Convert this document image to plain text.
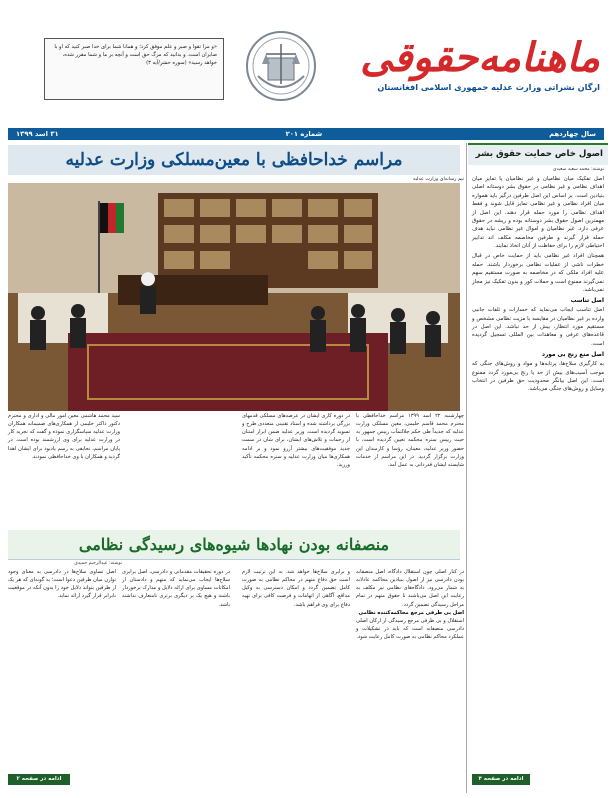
«و مرا تقوا و صبر و علم موفق کرد؛ و همانا شما برای خدا صبر کنید که او با صابران است. و بدانید که مرگ حق است و آنچه بر ما و شما مقرر شده، خواهد رسید» (سوره حشر/آیه ۳)	ماهنامه‌حقوقی
ارگان نشراتی وزارت عدلیه جمهوری اسلامی افغانستان
سال چهاردهم
شماره ۲۰۱
۳۱ اسد ۱۳۹۹
اصول خاص حمایت حقوق بشر
نوشته: محمد سعید سعیدی
اصل تفکیک میان نظامیان و غیر نظامیان یا تمایز میان اهداف نظامی و غیر نظامی در حقوق بشر دوستانه اصلی بنیادین است. بر اساس این اصل طرفین درگیر باید همواره میان افراد نظامی و غیر نظامی تمایز قایل شوند و فقط اهداف نظامی را مورد حمله قرار دهند. این اصل از مهمترین اصول حقوق بشر دوستانه بوده و ریشه در حقوق عرفی دارد. غیر نظامیان و اموال غیر نظامی نباید هدف حمله قرار گیرند و طرفین مخاصمه مکلف اند تدابیر احتیاطی لازم را برای حفاظت از آنان اتخاذ نمایند.
همچنان افراد غیر نظامی باید از حمایت خاص در قبال خطرات ناشی از عملیات نظامی برخوردار باشند. حمله علیه افراد ملکی که در مخاصمه به صورت مستقیم سهم نمی‌گیرند ممنوع است و حملات کور و بدون تفکیک نیز مجاز نمی‌باشد.
اصل تناسب
اصل تناسب ایجاب می‌نماید که خسارات و تلفات جانبی وارده بر غیر نظامیان در مقایسه با مزیت نظامی مشخص و مستقیم مورد انتظار، بیش از حد نباشد. این اصل در قاعده‌های عرفی و معاهدات بین المللی تسجیل گردیده است.
اصل منع رنج بی مورد
به کارگیری سلاح‌ها، پرتابه‌ها و مواد و روش‌های جنگی که موجب آسیب‌های بیش از حد یا رنج بی‌مورد گردد ممنوع است. این اصل بیانگر محدودیت حق طرفین در انتخاب وسایل و روش‌های جنگی می‌باشد.
ادامه در صفحه ۴
مراسم خداحافظی با معین‌مسلکی وزارت عدلیه
تیم رسانه‌ای وزارت عدلیه
چهارشنبه ۲۲ اسد ۱۳۹۹ مراسم خداحافظی با محترم محمد قاسم حلیمی، معین مسلکی وزارت عدلیه که جدیداً طی حکم جلالتمآب رییس جمهور به حیث رییس ستره محکمه تعیین گردیده است، با حضور وزیر عدلیه، معینان، رؤسا و کارمندان این وزارت برگزار گردید. در این مراسم از خدمات شایسته ایشان قدردانی به عمل آمد.
در دوره کاری ایشان در عرصه‌های مسلکی قدمهای بزرگی برداشته شده و اسناد تقنینی متعددی طرح و تسوید گردیده است. وزیر عدلیه ضمن ابراز امتنان از زحمات و تلاش‌های ایشان، برای شان در سمت جدید موفقیت‌های بیشتر آرزو نمود و بر ادامه همکاری‌ها میان وزارت عدلیه و ستره محکمه تأکید ورزید.
سید محمد هاشمی معین امور مالی و اداری و محترم دکتور داکتر حلیمی از همکاری‌های صمیمانه همکاران وزارت عدلیه سپاسگزاری نموده و گفت که تجربه کار در وزارت عدلیه برای وی ارزشمند بوده است. در پایان مراسم، تحایفی به رسم یادبود برای ایشان اهدا گردید و همکاران با وی خداحافظی نمودند.
منصفانه بودن نهادها شیوه‌های رسیدگی نظامی
نوشته: عبدالرحیم حمیدی
در کنار اصلی چون استقلال دادگاه، اصل منصفانه بودن دادرسی نیز از اصول بنیادین محاکمه عادلانه به شمار می‌رود. دادگاه‌های نظامی نیز مکلف به رعایت این اصل می‌باشند تا حقوق متهم در تمام مراحل رسیدگی تضمین گردد.
اصل بی طرفی مرجع محاکمه‌کننده نظامی
استقلال و بی طرفی مرجع رسیدگی از ارکان اصلی دادرسی منصفانه است که باید در تشکیلات و عملکرد محاکم نظامی به صورت کامل رعایت شود.
و برابری سلاح‌ها خواهد شد. به این ترتیب لازم است حق دفاع متهم در محاکم نظامی به صورت کامل تضمین گردد و امکان دسترسی به وکیل مدافع، آگاهی از اتهامات و فرصت کافی برای تهیه دفاع برای وی فراهم باشد.
در دوره تحقیقات مقدماتی و دادرسی، اصل برابری سلاح‌ها ایجاب می‌نماید که متهم و دادستان از امکانات مساوی برای ارائه دلایل و مدارک برخوردار باشند و هیچ یک بر دیگری برتری نامتعارف نداشته باشد.
اصل تساوی سلاح‌ها در دادرسی به معنای وجود توازن میان طرفین دعوا است؛ به گونه‌ای که هر یک از طرفین بتواند دلایل خود را بدون آنکه در موقعیت نابرابر قرار گیرد ارائه نماید.
ادامه در صفحه ۲
